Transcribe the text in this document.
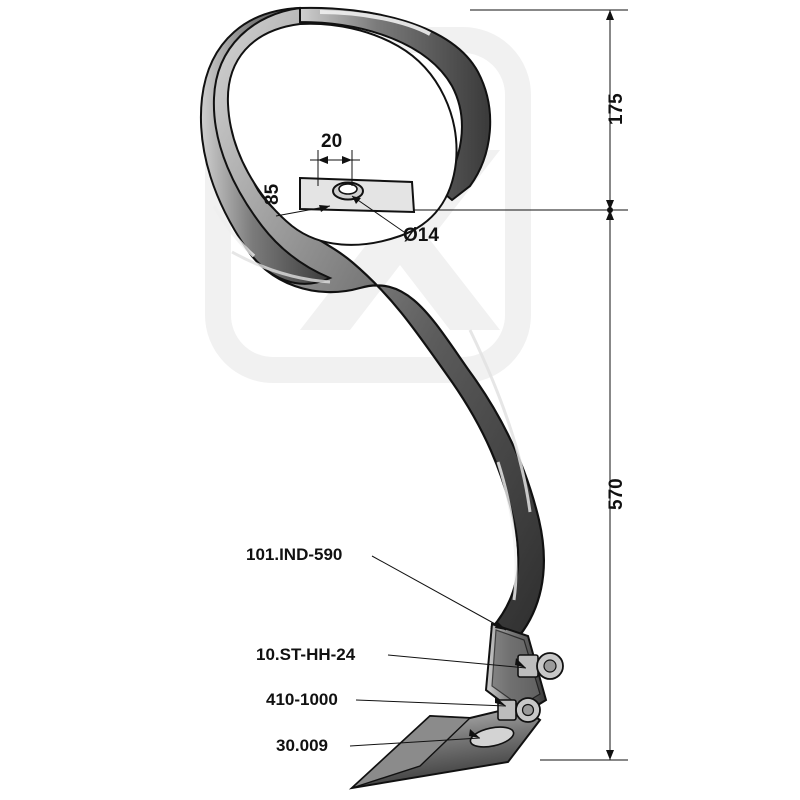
175
20
85
Ø14
570
101.IND-590
10.ST-HH-24
410-1000
30.009
